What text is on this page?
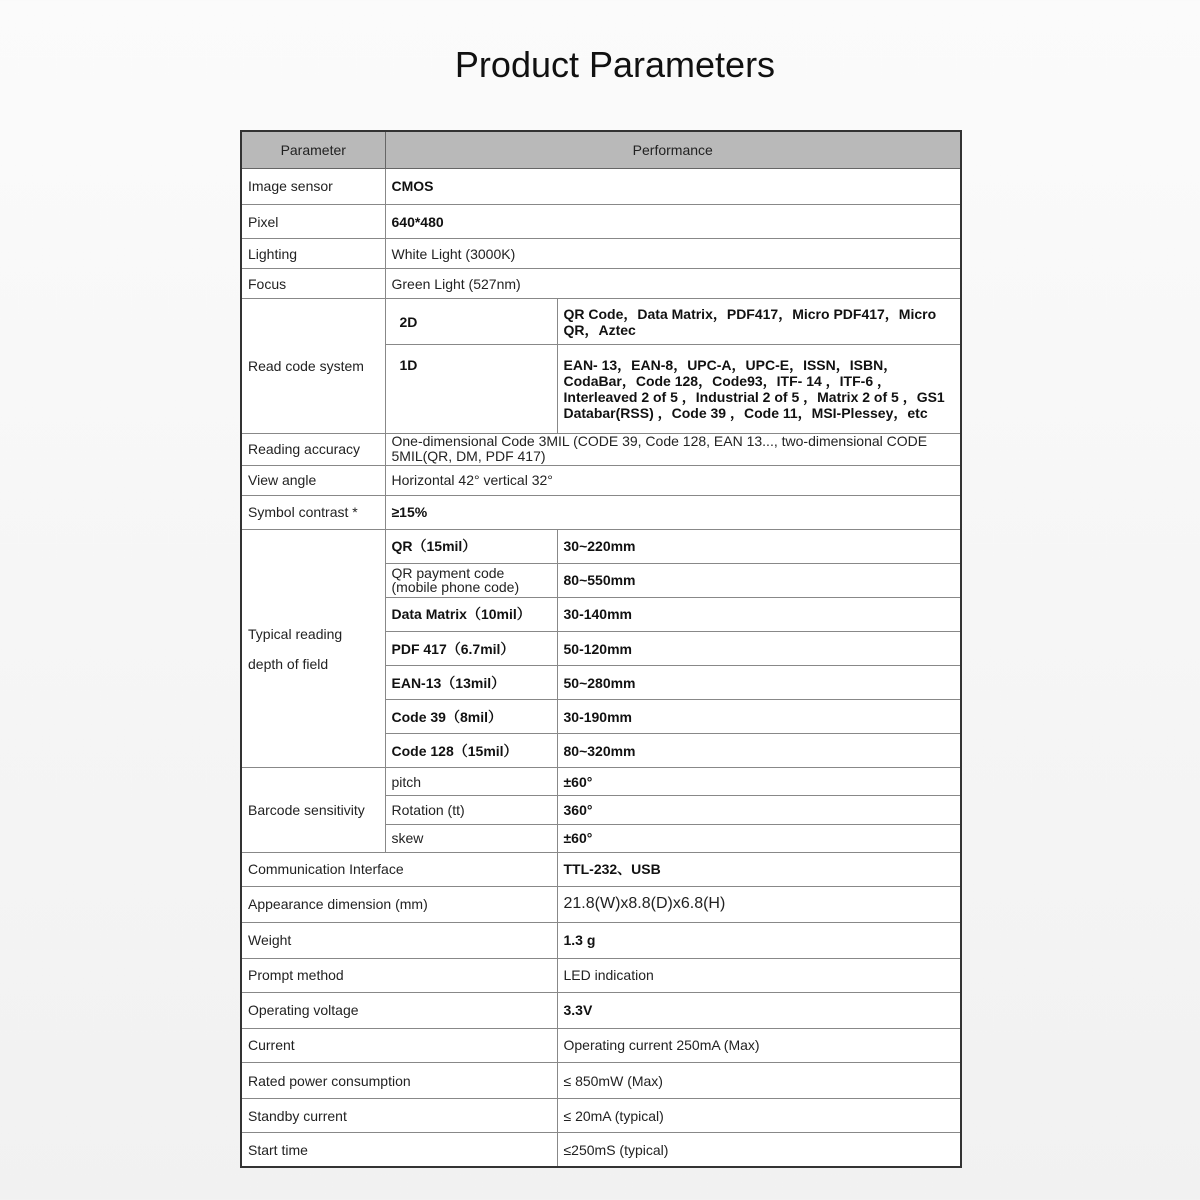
Product Parameters
Parameter	Performance	
Image sensor	CMOS	
Pixel	640*480	
Lighting	White Light (3000K)	
Focus	Green Light (527nm)	
Read code system	2D	QR Code，Data Matrix，PDF417，Micro PDF417，Micro QR，Aztec
	1D	EAN- 13，EAN-8，UPC-A，UPC-E，ISSN，ISBN，CodaBar，Code 128，Code93，ITF- 14 ，ITF-6 ，Interleaved 2 of 5 ，Industrial 2 of 5 ，Matrix 2 of 5 ，GS1 Databar(RSS) ，Code 39 ，Code 11，MSI-Plessey，etc
Reading accuracy	One-dimensional Code 3MIL (CODE 39, Code 128, EAN 13..., two-dimensional CODE 5MIL(QR, DM, PDF 417)	
View angle	Horizontal 42° vertical 32°	
Symbol contrast *	≥15%	

Typical reading
depth of field	QR（15mil）	30~220mm
	QR payment code (mobile phone code)	80~550mm
	Data Matrix（10mil）	30-140mm
	PDF 417（6.7mil）	50-120mm
	EAN-13（13mil）	50~280mm
	Code 39（8mil）	30-190mm
	Code 128（15mil）	80~320mm
Barcode sensitivity	pitch	±60°
	Rotation (tt)	360°
	skew	±60°
Communication Interface		TTL-232、USB
Appearance dimension (mm)		21.8(W)x8.8(D)x6.8(H)
Weight		1.3 g
Prompt method		LED indication
Operating voltage		3.3V
Current		Operating current 250mA (Max)
Rated power consumption		≤ 850mW (Max)
Standby current		≤ 20mA (typical)
Start time		≤250mS (typical)
